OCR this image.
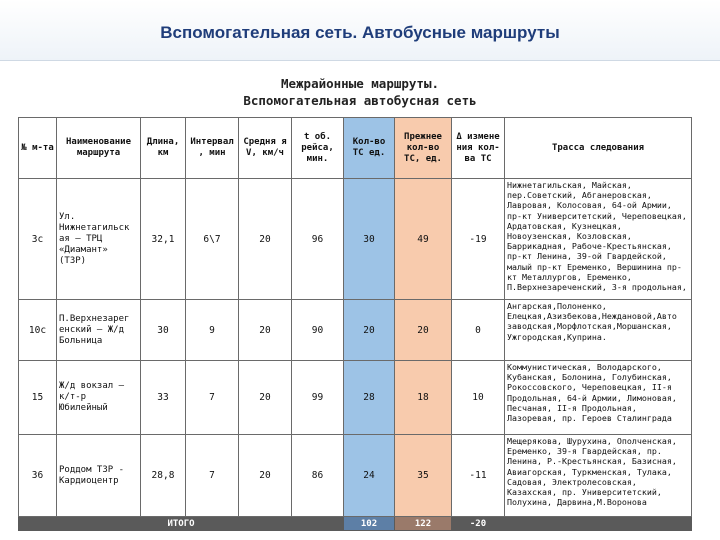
Вспомогательная сеть. Автобусные маршруты
Межрайонные маршруты.
Вспомогательная автобусная сеть
№ м-та	Наименование маршрута	Длина, км	Интервал , мин	Средня я V, км/ч	t об. рейса, мин.	Кол-во ТС ед.	Прежнее кол-во ТС, ед.	Δ измене ния кол-ва ТС	Трасса следования
3с	Ул. Нижнетагильск ая – ТРЦ «Диамант» (ТЗР)	32,1	6\7	20	96	30	49	-19	Нижнетагильская, Майская, пер.Советский, Абганеровская, Лавровая, Колосовая, 64-ой Армии, пр-кт Университетский, Череповецкая, Ардатовская, Кузнецкая, Новоузенская, Козловская, Баррикадная, Рабоче-Крестьянская, пр-кт Ленина, 39-ой Гвардейской, малый пр-кт Еременко, Вершинина пр-кт Металлургов, Еременко, П.Верхнезареченский, 3-я продольная,

10с	П.Верхнезарег енский – Ж/д Больница	30	9	20	90	20	20	0	Ангарская,Полоненко, Елецкая,Азизбекова,Неждановой,Авто заводская,Морфлотская,Моршанская, Ужгородская,Куприна.

15	Ж/д вокзал – к/т-р Юбилейный	33	7	20	99	28	18	10	Коммунистическая, Володарского, Кубанская, Болонина, Голубинская, Рокоссовского, Череповецкая, II-я Продольная, 64-й Армии, Лимоновая, Песчаная, II-я Продольная, Лазоревая, пр. Героев Сталинграда

36	Роддом ТЗР - Кардиоцентр	28,8	7	20	86	24	35	-11	Мещерякова, Шурухина, Ополченская, Еременко, 39-я Гвардейская, пр. Ленина, Р.-Крестьянская, Базисная, Авиагорская, Туркменская, Тулака, Садовая, Электролесовская, Казахская, пр. Университетский, Полухина, Дарвина,М.Воронова

ИТОГО						102	122	-20	
